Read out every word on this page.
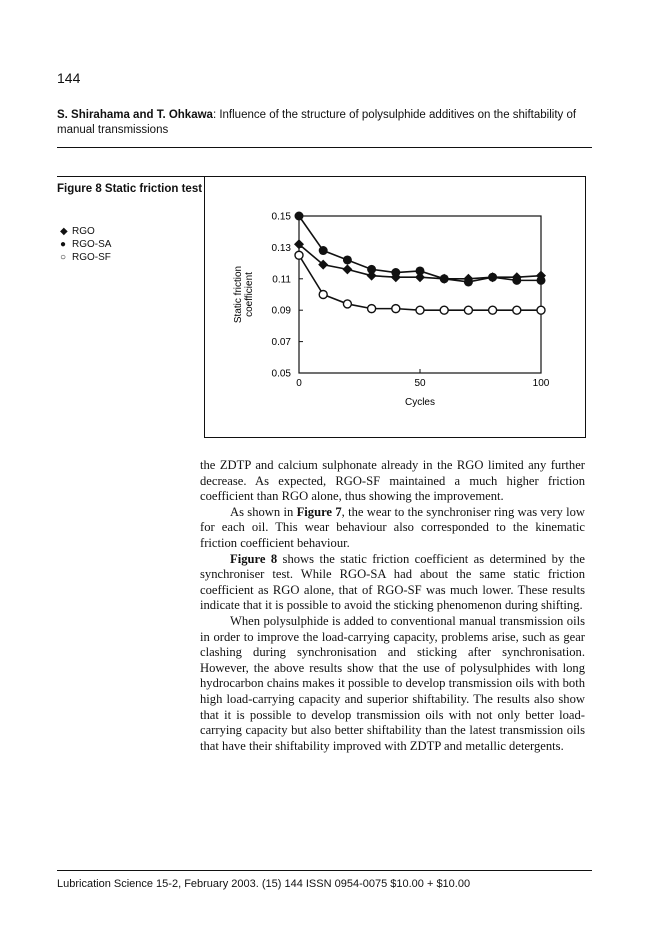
144
S. Shirahama and T. Ohkawa: Influence of the structure of polysulphide additives on the shiftability of manual transmissions
Figure 8 Static friction test
◆ RGO
● RGO-SA
○ RGO-SF
0.15
0.13
0.11
0.09
0.07
0.05
0	50	100
Cycles
Static friction coefficient

the ZDTP and calcium sulphonate already in the RGO limited any further decrease. As expected, RGO-SF maintained a much higher friction coefficient than RGO alone, thus showing the improvement.

As shown in Figure 7, the wear to the synchroniser ring was very low for each oil. This wear behaviour also corresponded to the kinematic friction coefficient behaviour.

Figure 8 shows the static friction coefficient as determined by the synchroniser test. While RGO-SA had about the same static friction coefficient as RGO alone, that of RGO-SF was much lower. These results indicate that it is possible to avoid the sticking phenomenon during shifting.

When polysulphide is added to conventional manual transmission oils in order to improve the load-carrying capacity, problems arise, such as gear clashing during synchronisation and sticking after synchronisation. However, the above results show that the use of polysulphides with long hydrocarbon chains makes it possible to develop transmission oils with both high load-carrying capacity and superior shiftability. The results also show that it is possible to develop transmission oils with not only better load-carrying capacity but also better shiftability than the latest transmission oils that have their shiftability improved with ZDTP and metallic detergents.

Lubrication Science 15-2, February 2003. (15) 144 ISSN 0954-0075 $10.00 + $10.00
